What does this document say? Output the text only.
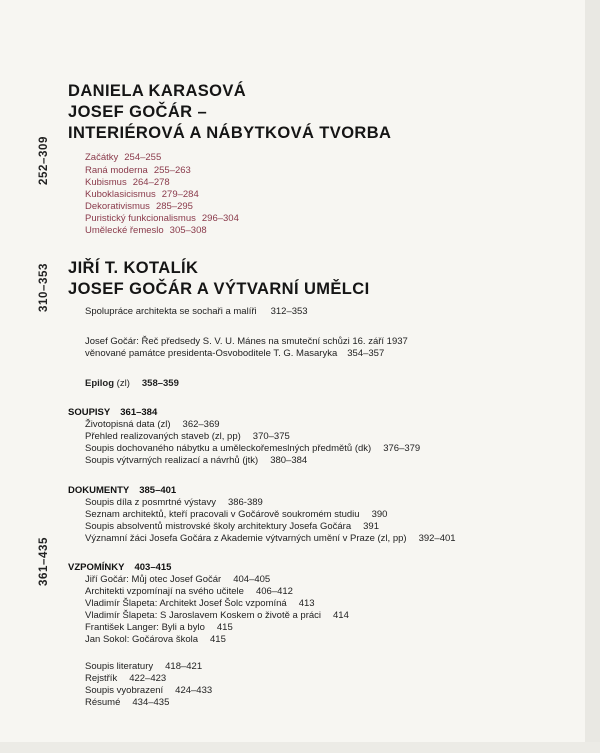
252–309
310–353
361–435
DANIELA KARASOVÁ
JOSEF GOČÁR –
INTERIÉROVÁ A NÁBYTKOVÁ TVORBA
Začátky 254–255
Raná moderna 255–263
Kubismus 264–278
Kuboklasicismus 279–284
Dekorativismus 285–295
Puristický funkcionalismus 296–304
Umělecké řemeslo 305–308
JIŘÍ T. KOTALÍK
JOSEF GOČÁR A VÝTVARNÍ UMĚLCI
Spolupráce architekta se sochaři a malíři 312–353
Josef Gočár: Řeč předsedy S. V. U. Mánes na smuteční schůzi 16. září 1937
věnované památce presidenta-Osvoboditele T. G. Masaryka 354–357
Epilog (zl) 358–359
SOUPISY 361–384
Životopisná data (zl) 362–369
Přehled realizovaných staveb (zl, pp) 370–375
Soupis dochovaného nábytku a uměleckořemeslných předmětů (dk) 376–379
Soupis výtvarných realizací a návrhů (jtk) 380–384
DOKUMENTY 385–401
Soupis díla z posmrtné výstavy 386-389
Seznam architektů, kteří pracovali v Gočárově soukromém studiu 390
Soupis absolventů mistrovské školy architektury Josefa Gočára 391
Významní žáci Josefa Gočára z Akademie výtvarných umění v Praze (zl, pp) 392–401
VZPOMÍNKY 403–415
Jiří Gočár: Můj otec Josef Gočár 404–405
Architekti vzpomínají na svého učitele 406–412
Vladimír Šlapeta: Architekt Josef Šolc vzpomíná 413
Vladimír Šlapeta: S Jaroslavem Koskem o životě a práci 414
František Langer: Byli a bylo 415
Jan Sokol: Gočárova škola 415
Soupis literatury 418–421
Rejstřík 422–423
Soupis vyobrazení 424–433
Résumé 434–435
